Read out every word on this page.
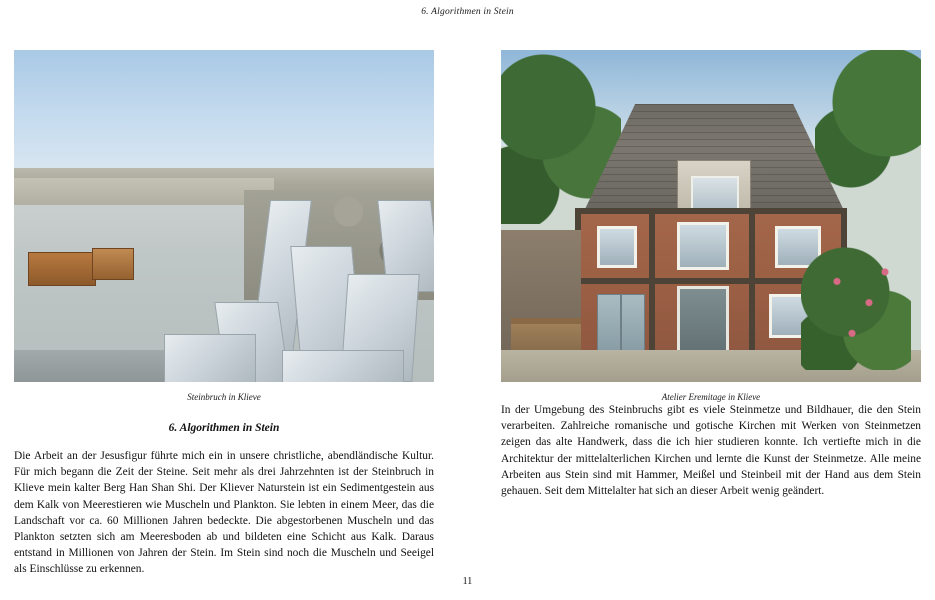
6. Algorithmen in Stein
Steinbruch in Klieve
6. Algorithmen in Stein

Die Arbeit an der Jesusfigur führte mich ein in unsere christliche, abendländische Kultur. Für mich begann die Zeit der Steine. Seit mehr als drei Jahrzehnten ist der Steinbruch in Klieve mein kalter Berg Han Shan Shi. Der Kliever Naturstein ist ein Sedimentgestein aus dem Kalk von Meerestieren wie Muscheln und Plankton. Sie lebten in einem Meer, das die Landschaft vor ca. 60 Millionen Jahren bedeckte. Die abgestorbenen Muscheln und das Plankton setzten sich am Meeresboden ab und bildeten eine Schicht aus Kalk. Daraus entstand in Millionen von Jahren der Stein. Im Stein sind noch die Muscheln und Seeigel als Einschlüsse zu erkennen.

Atelier Eremitage in Klieve

In der Umgebung des Steinbruchs gibt es viele Steinmetze und Bildhauer, die den Stein verarbeiten. Zahlreiche romanische und gotische Kirchen mit Werken von Steinmetzen zeigen das alte Handwerk, dass die ich hier studieren konnte. Ich vertiefte mich in die Architektur der mittelalterlichen Kirchen und lernte die Kunst der Steinmetze. Alle meine Arbeiten aus Stein sind mit Hammer, Meißel und Steinbeil mit der Hand aus dem Stein gehauen. Seit dem Mittelalter hat sich an dieser Arbeit wenig geändert.

11
